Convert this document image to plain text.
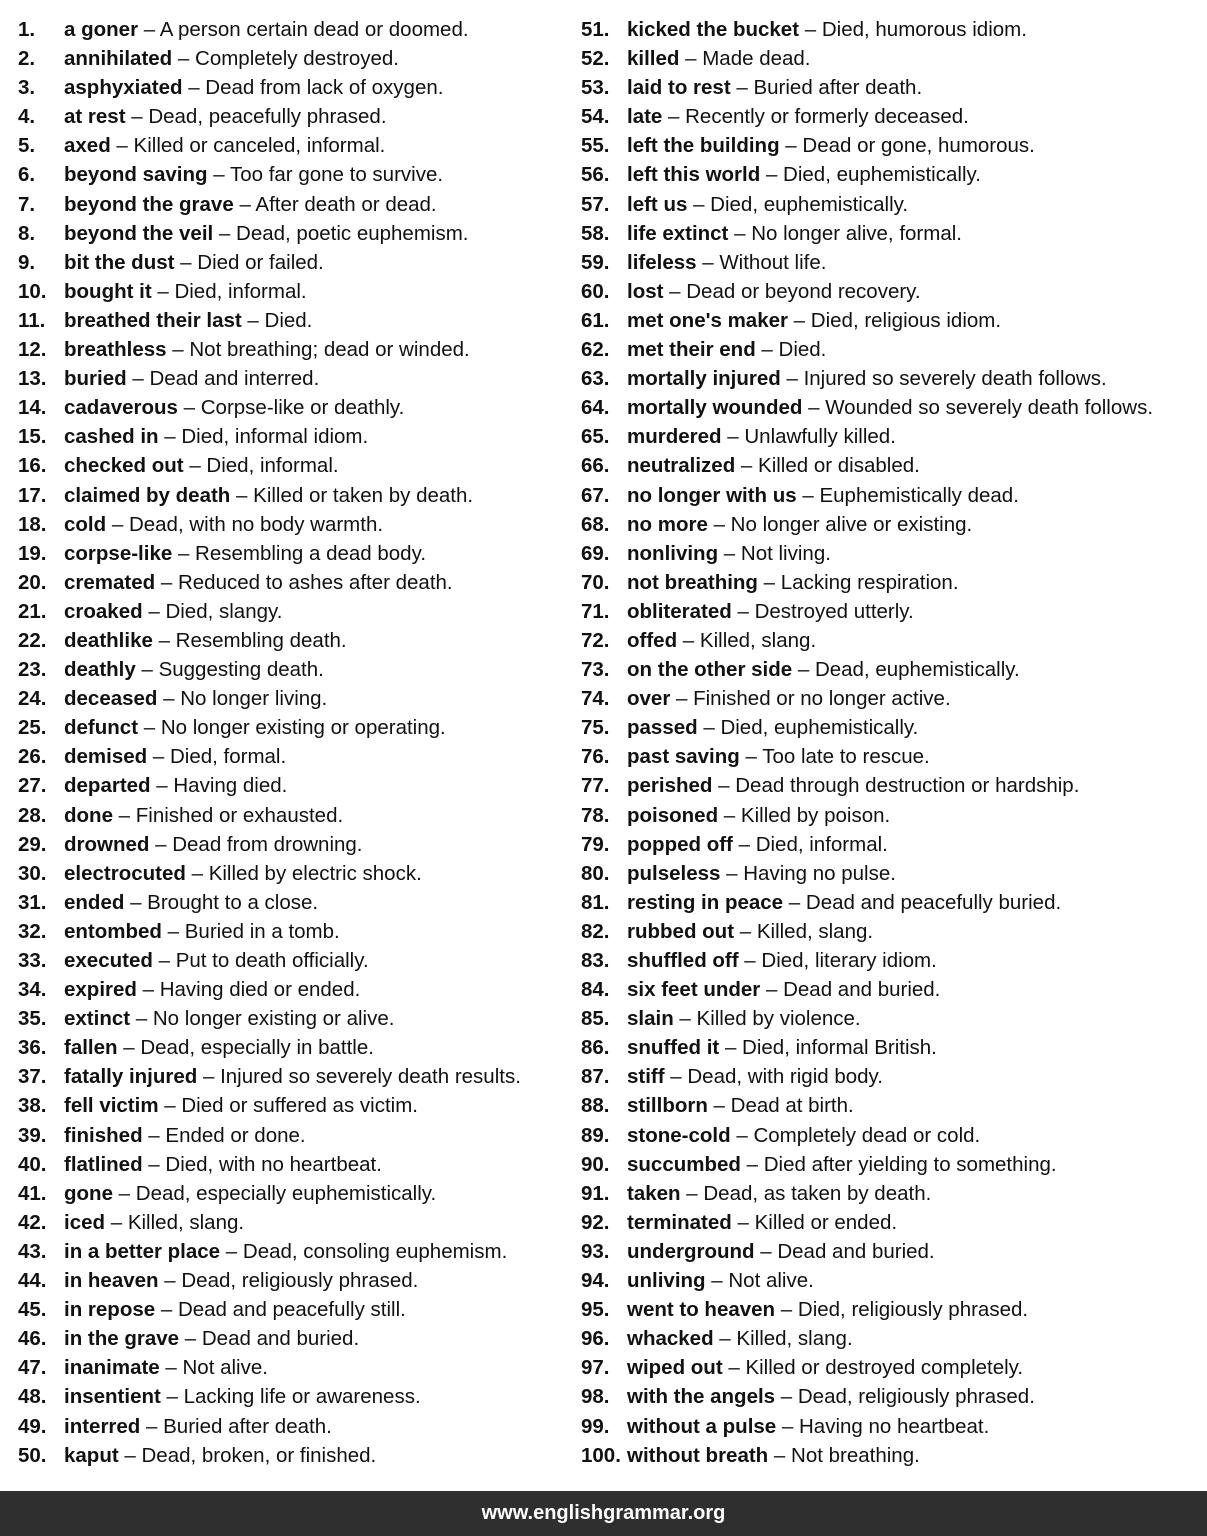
1. a goner – A person certain dead or doomed.
2. annihilated – Completely destroyed.
3. asphyxiated – Dead from lack of oxygen.
4. at rest – Dead, peacefully phrased.
5. axed – Killed or canceled, informal.
6. beyond saving – Too far gone to survive.
7. beyond the grave – After death or dead.
8. beyond the veil – Dead, poetic euphemism.
9. bit the dust – Died or failed.
10. bought it – Died, informal.
11. breathed their last – Died.
12. breathless – Not breathing; dead or winded.
13. buried – Dead and interred.
14. cadaverous – Corpse-like or deathly.
15. cashed in – Died, informal idiom.
16. checked out – Died, informal.
17. claimed by death – Killed or taken by death.
18. cold – Dead, with no body warmth.
19. corpse-like – Resembling a dead body.
20. cremated – Reduced to ashes after death.
21. croaked – Died, slangy.
22. deathlike – Resembling death.
23. deathly – Suggesting death.
24. deceased – No longer living.
25. defunct – No longer existing or operating.
26. demised – Died, formal.
27. departed – Having died.
28. done – Finished or exhausted.
29. drowned – Dead from drowning.
30. electrocuted – Killed by electric shock.
31. ended – Brought to a close.
32. entombed – Buried in a tomb.
33. executed – Put to death officially.
34. expired – Having died or ended.
35. extinct – No longer existing or alive.
36. fallen – Dead, especially in battle.
37. fatally injured – Injured so severely death results.
38. fell victim – Died or suffered as victim.
39. finished – Ended or done.
40. flatlined – Died, with no heartbeat.
41. gone – Dead, especially euphemistically.
42. iced – Killed, slang.
43. in a better place – Dead, consoling euphemism.
44. in heaven – Dead, religiously phrased.
45. in repose – Dead and peacefully still.
46. in the grave – Dead and buried.
47. inanimate – Not alive.
48. insentient – Lacking life or awareness.
49. interred – Buried after death.
50. kaput – Dead, broken, or finished.
51. kicked the bucket – Died, humorous idiom.
52. killed – Made dead.
53. laid to rest – Buried after death.
54. late – Recently or formerly deceased.
55. left the building – Dead or gone, humorous.
56. left this world – Died, euphemistically.
57. left us – Died, euphemistically.
58. life extinct – No longer alive, formal.
59. lifeless – Without life.
60. lost – Dead or beyond recovery.
61. met one's maker – Died, religious idiom.
62. met their end – Died.
63. mortally injured – Injured so severely death follows.
64. mortally wounded – Wounded so severely death follows.
65. murdered – Unlawfully killed.
66. neutralized – Killed or disabled.
67. no longer with us – Euphemistically dead.
68. no more – No longer alive or existing.
69. nonliving – Not living.
70. not breathing – Lacking respiration.
71. obliterated – Destroyed utterly.
72. offed – Killed, slang.
73. on the other side – Dead, euphemistically.
74. over – Finished or no longer active.
75. passed – Died, euphemistically.
76. past saving – Too late to rescue.
77. perished – Dead through destruction or hardship.
78. poisoned – Killed by poison.
79. popped off – Died, informal.
80. pulseless – Having no pulse.
81. resting in peace – Dead and peacefully buried.
82. rubbed out – Killed, slang.
83. shuffled off – Died, literary idiom.
84. six feet under – Dead and buried.
85. slain – Killed by violence.
86. snuffed it – Died, informal British.
87. stiff – Dead, with rigid body.
88. stillborn – Dead at birth.
89. stone-cold – Completely dead or cold.
90. succumbed – Died after yielding to something.
91. taken – Dead, as taken by death.
92. terminated – Killed or ended.
93. underground – Dead and buried.
94. unliving – Not alive.
95. went to heaven – Died, religiously phrased.
96. whacked – Killed, slang.
97. wiped out – Killed or destroyed completely.
98. with the angels – Dead, religiously phrased.
99. without a pulse – Having no heartbeat.
100. without breath – Not breathing.
www.englishgrammar.org
